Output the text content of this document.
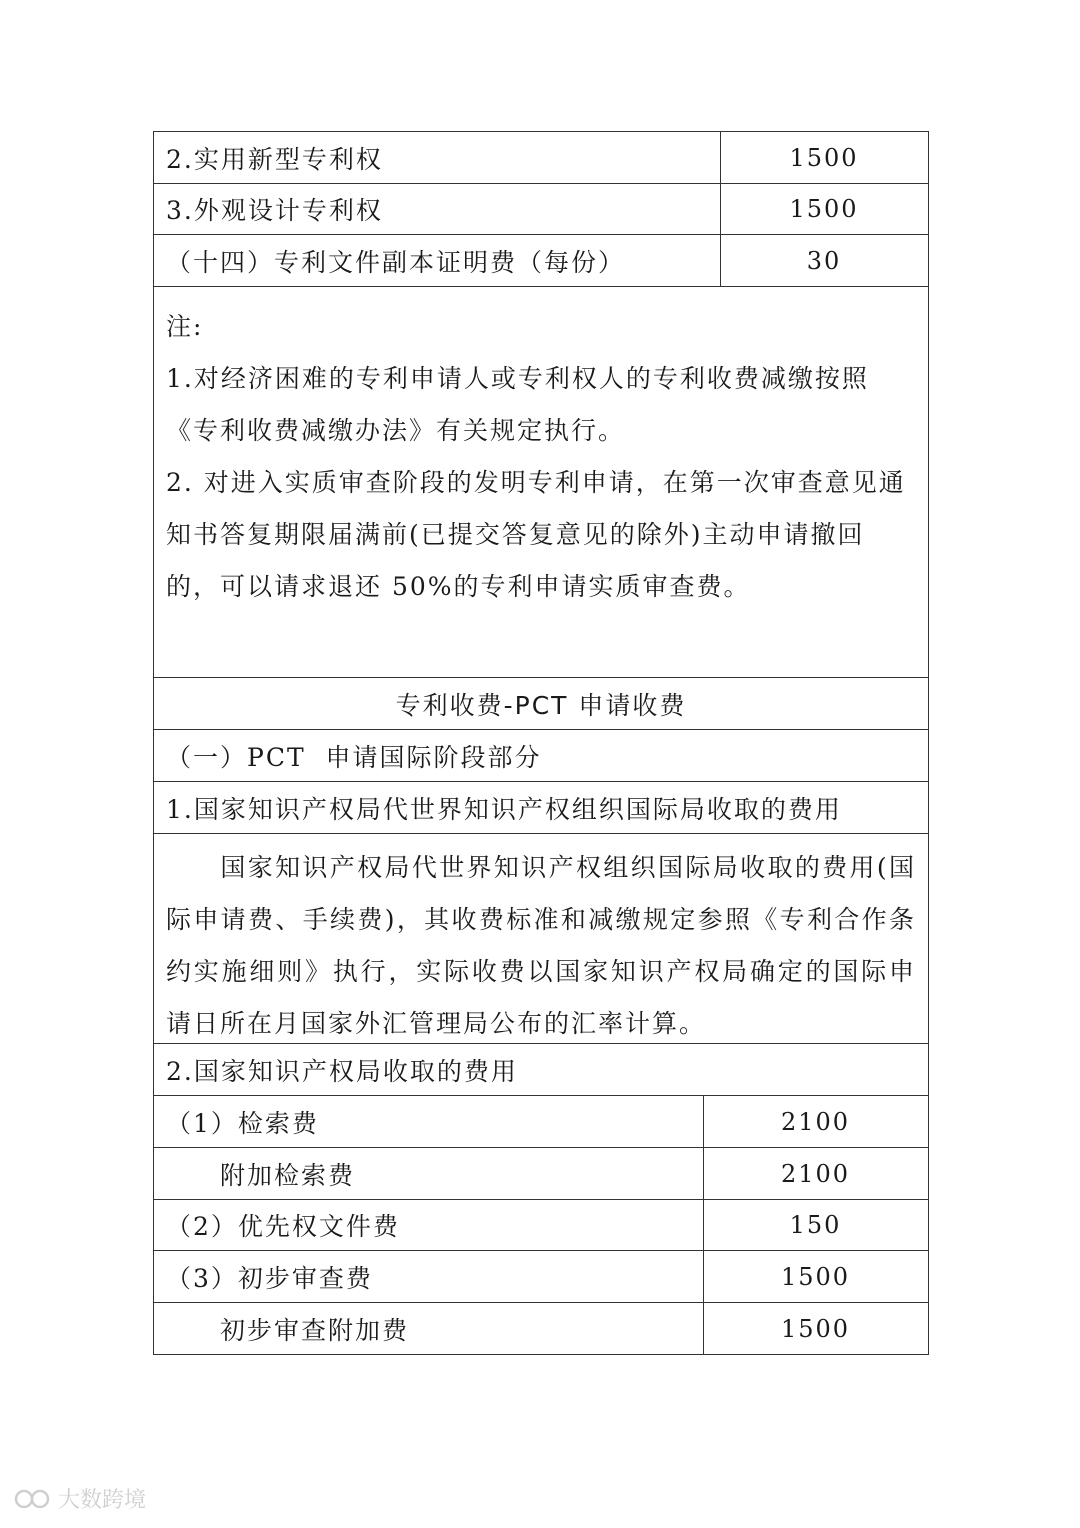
2.实用新型专利权	1500
3.外观设计专利权	1500
（十四）专利文件副本证明费（每份）	30

注:

1.对经济困难的专利申请人或专利权人的专利收费减缴按照《专利收费减缴办法》有关规定执行。

2. 对进入实质审查阶段的发明专利申请，在第一次审查意见通知书答复期限届满前(已提交答复意见的除外)主动申请撤回的，可以请求退还 50%的专利申请实质审查费。

专利收费-PCT 申请收费
（一）PCT  申请国际阶段部分
1.国家知识产权局代世界知识产权组织国际局收取的费用
国家知识产权局代世界知识产权组织国际局收取的费用(国际申请费、手续费)，其收费标准和减缴规定参照《专利合作条约实施细则》执行，实际收费以国家知识产权局确定的国际申请日所在月国家外汇管理局公布的汇率计算。
2.国家知识产权局收取的费用
（1）检索费	2100
附加检索费	2100
（2）优先权文件费	150
（3）初步审查费	1500
初步审查附加费	1500
大数跨境
